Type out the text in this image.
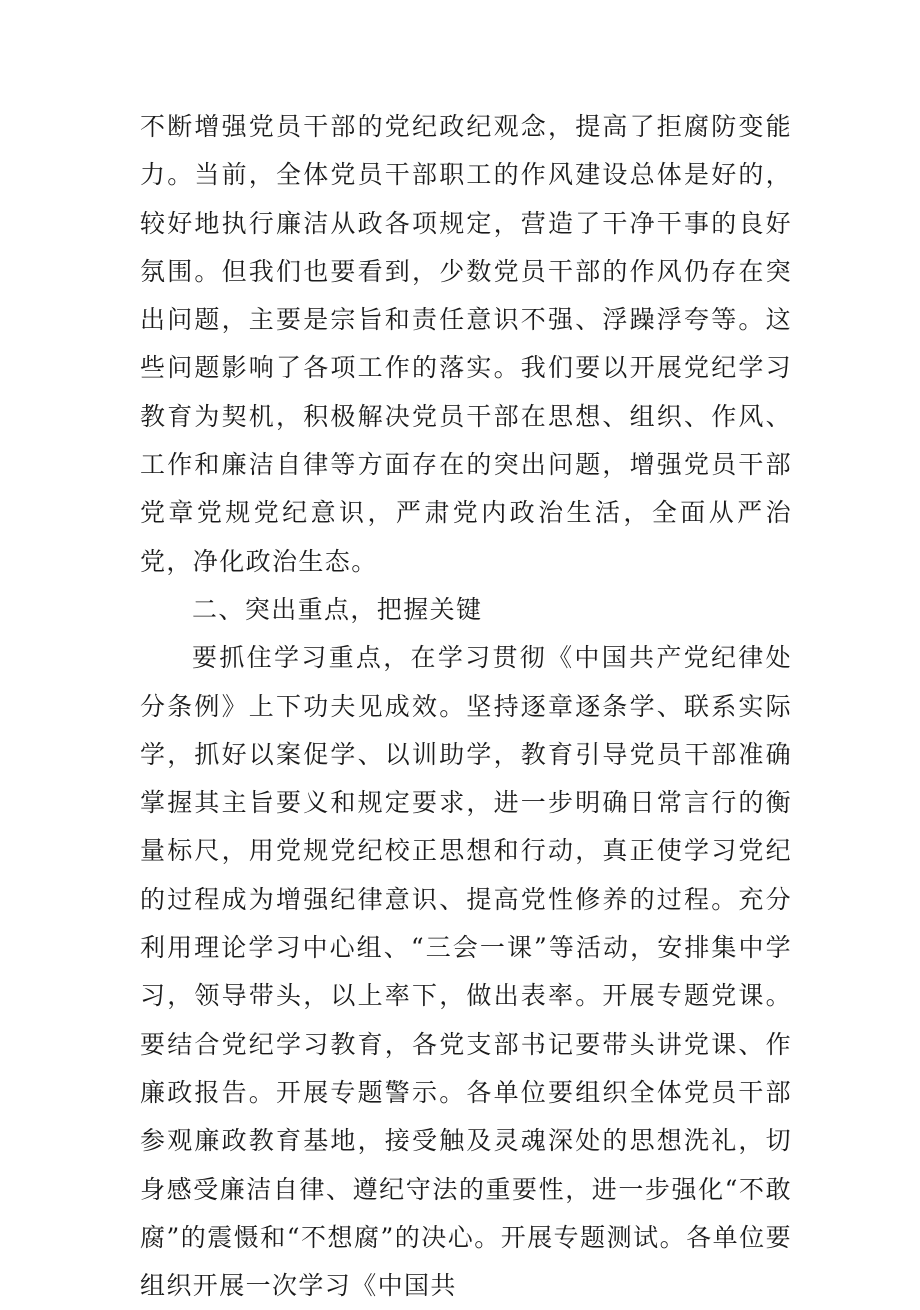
不断增强党员干部的党纪政纪观念，提高了拒腐防变能力。当前，全体党员干部职工的作风建设总体是好的，较好地执行廉洁从政各项规定，营造了干净干事的良好氛围。但我们也要看到，少数党员干部的作风仍存在突出问题，主要是宗旨和责任意识不强、浮躁浮夸等。这些问题影响了各项工作的落实。我们要以开展党纪学习教育为契机，积极解决党员干部在思想、组织、作风、工作和廉洁自律等方面存在的突出问题，增强党员干部党章党规党纪意识，严肃党内政治生活，全面从严治党，净化政治生态。

二、突出重点，把握关键

要抓住学习重点，在学习贯彻《中国共产党纪律处分条例》上下功夫见成效。坚持逐章逐条学、联系实际学，抓好以案促学、以训助学，教育引导党员干部准确掌握其主旨要义和规定要求，进一步明确日常言行的衡量标尺，用党规党纪校正思想和行动，真正使学习党纪的过程成为增强纪律意识、提高党性修养的过程。充分利用理论学习中心组、“三会一课”等活动，安排集中学习，领导带头，以上率下，做出表率。开展专题党课。要结合党纪学习教育，各党支部书记要带头讲党课、作廉政报告。开展专题警示。各单位要组织全体党员干部参观廉政教育基地，接受触及灵魂深处的思想洗礼，切身感受廉洁自律、遵纪守法的重要性，进一步强化“不敢腐”的震慑和“不想腐”的决心。开展专题测试。各单位要组织开展一次学习《中国共
